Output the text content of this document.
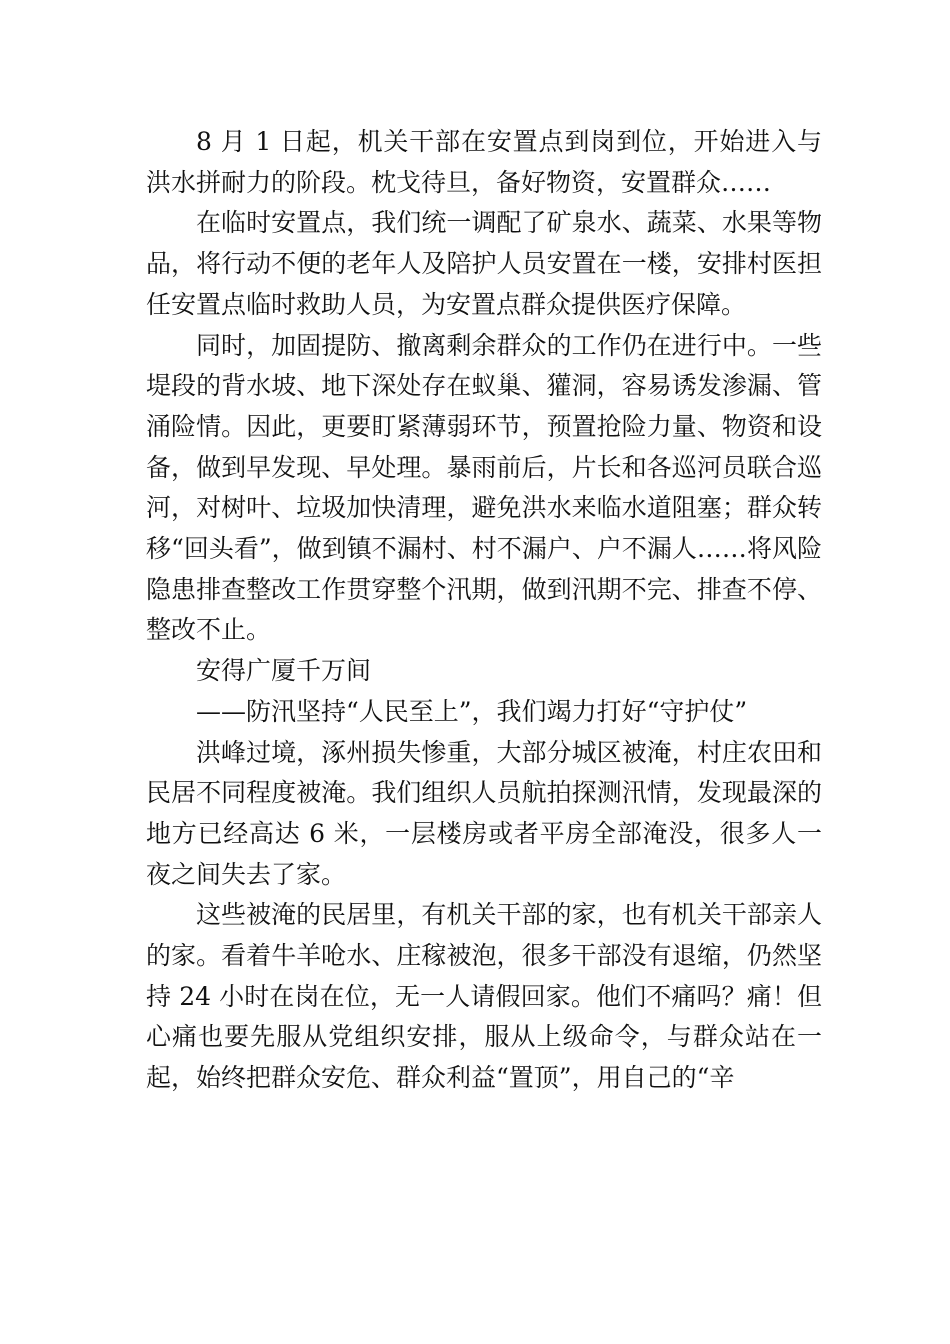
8 月 1 日起，机关干部在安置点到岗到位，开始进入与洪水拼耐力的阶段。枕戈待旦，备好物资，安置群众……

在临时安置点，我们统一调配了矿泉水、蔬菜、水果等物品，将行动不便的老年人及陪护人员安置在一楼，安排村医担任安置点临时救助人员，为安置点群众提供医疗保障。

同时，加固提防、撤离剩余群众的工作仍在进行中。一些堤段的背水坡、地下深处存在蚁巢、獾洞，容易诱发渗漏、管涌险情。因此，更要盯紧薄弱环节，预置抢险力量、物资和设备，做到早发现、早处理。暴雨前后，片长和各巡河员联合巡河，对树叶、垃圾加快清理，避免洪水来临水道阻塞；群众转移“回头看”，做到镇不漏村、村不漏户、户不漏人……将风险隐患排查整改工作贯穿整个汛期，做到汛期不完、排查不停、整改不止。

安得广厦千万间

——防汛坚持“人民至上”，我们竭力打好“守护仗”

洪峰过境，涿州损失惨重，大部分城区被淹，村庄农田和民居不同程度被淹。我们组织人员航拍探测汛情，发现最深的地方已经高达 6 米，一层楼房或者平房全部淹没，很多人一夜之间失去了家。

这些被淹的民居里，有机关干部的家，也有机关干部亲人的家。看着牛羊呛水、庄稼被泡，很多干部没有退缩，仍然坚持 24 小时在岗在位，无一人请假回家。他们不痛吗？痛！但心痛也要先服从党组织安排，服从上级命令，与群众站在一起，始终把群众安危、群众利益“置顶”，用自己的“辛
